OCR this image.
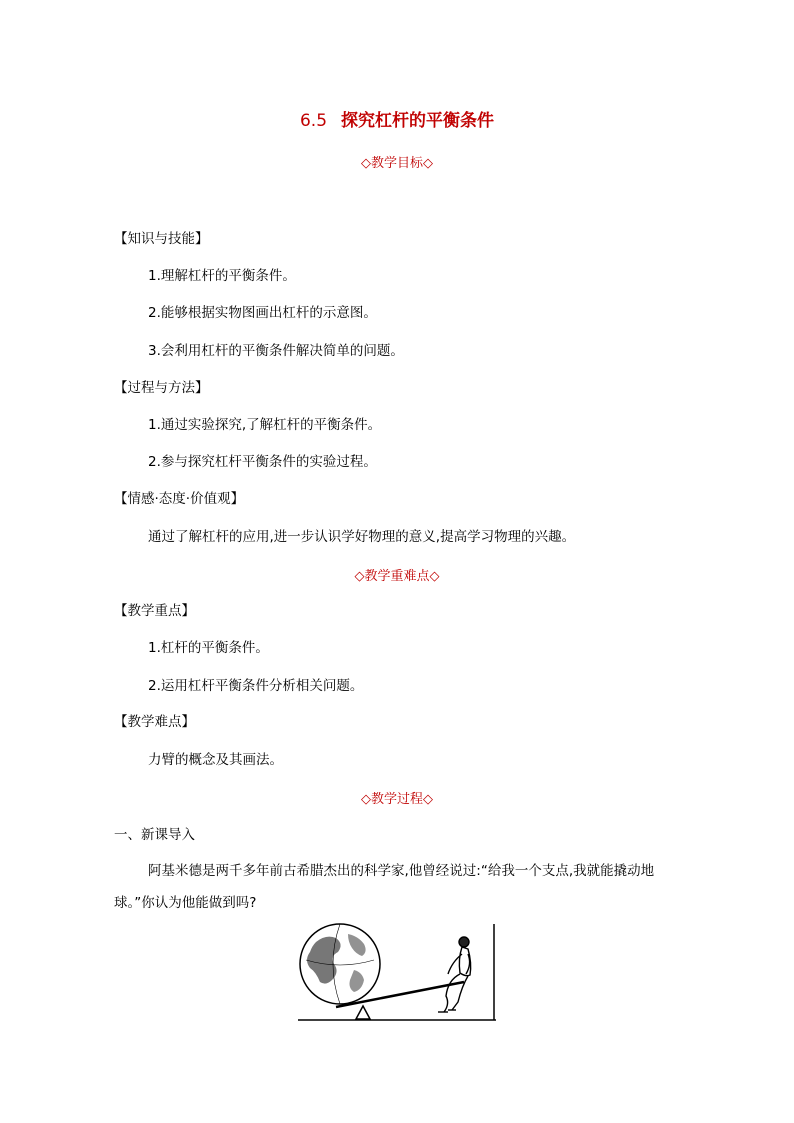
6.5 探究杠杆的平衡条件
◇教学目标◇
【知识与技能】
1.理解杠杆的平衡条件。
2.能够根据实物图画出杠杆的示意图。
3.会利用杠杆的平衡条件解决简单的问题。
【过程与方法】
1.通过实验探究,了解杠杆的平衡条件。
2.参与探究杠杆平衡条件的实验过程。
【情感·态度·价值观】
通过了解杠杆的应用,进一步认识学好物理的意义,提高学习物理的兴趣。
◇教学重难点◇
【教学重点】
1.杠杆的平衡条件。
2.运用杠杆平衡条件分析相关问题。
【教学难点】
力臂的概念及其画法。
◇教学过程◇
一、新课导入
阿基米德是两千多年前古希腊杰出的科学家,他曾经说过:“给我一个支点,我就能撬动地球。”你认为他能做到吗?
